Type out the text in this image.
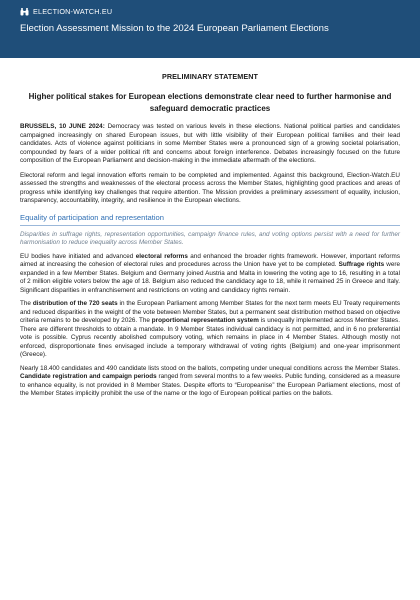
ELECTION-WATCH.EU
Election Assessment Mission to the 2024 European Parliament Elections
PRELIMINARY STATEMENT
Higher political stakes for European elections demonstrate clear need to further harmonise and safeguard democratic practices

BRUSSELS, 10 JUNE 2024: Democracy was tested on various levels in these elections. National political parties and candidates campaigned increasingly on shared European issues, but with little visibility of their European political families and their lead candidates. Acts of violence against politicians in some Member States were a pronounced sign of a growing societal polarisation, compounded by fears of a wider political rift and concerns about foreign interference. Debates increasingly focused on the future composition of the European Parliament and decision-making in the immediate aftermath of the elections.

Electoral reform and legal innovation efforts remain to be completed and implemented. Against this background, Election-Watch.EU assessed the strengths and weaknesses of the electoral process across the Member States, highlighting good practices and areas of progress while identifying key challenges that require attention. The Mission provides a preliminary assessment of equality, inclusion, transparency, accountability, integrity, and resilience in the European elections.

Equality of participation and representation

Disparities in suffrage rights, representation opportunities, campaign finance rules, and voting options persist with a need for further harmonisation to reduce inequality across Member States.

EU bodies have initiated and advanced electoral reforms and enhanced the broader rights framework. However, important reforms aimed at increasing the cohesion of electoral rules and procedures across the Union have yet to be completed. Suffrage rights were expanded in a few Member States. Belgium and Germany joined Austria and Malta in lowering the voting age to 16, resulting in a total of 2 million eligible voters below the age of 18. Belgium also reduced the candidacy age to 18, while it remained 25 in Greece and Italy. Significant disparities in enfranchisement and restrictions on voting and candidacy rights remain.

The distribution of the 720 seats in the European Parliament among Member States for the next term meets EU Treaty requirements and reduced disparities in the weight of the vote between Member States, but a permanent seat distribution method based on objective criteria remains to be developed by 2026. The proportional representation system is unequally implemented across Member States. There are different thresholds to obtain a mandate. In 9 Member States individual candidacy is not permitted, and in 6 no preferential vote is possible. Cyprus recently abolished compulsory voting, which remains in place in 4 Member States. Although mostly not enforced, disproportionate fines envisaged include a temporary withdrawal of voting rights (Belgium) and one-year imprisonment (Greece).

Nearly 18.400 candidates and 490 candidate lists stood on the ballots, competing under unequal conditions across the Member States. Candidate registration and campaign periods ranged from several months to a few weeks. Public funding, considered as a measure to enhance equality, is not provided in 8 Member States. Despite efforts to “Europeanise” the European Parliament elections, most of the Member States implicitly prohibit the use of the name or the logo of European political parties on the ballots.
